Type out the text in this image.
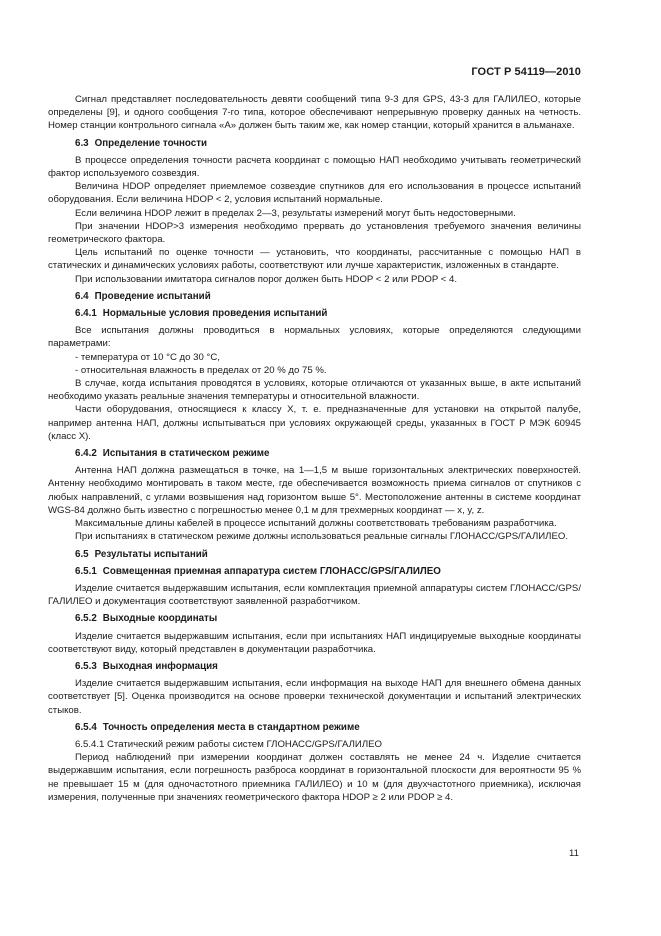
ГОСТ Р 54119—2010

Сигнал представляет последовательность девяти сообщений типа 9-3 для GPS, 43-3 для ГАЛИЛЕО, которые определены [9], и одного сообщения 7-го типа, которое обеспечивают непрерывную проверку данных на четность. Номер станции контрольного сигнала «А» должен быть таким же, как номер станции, который хранится в альманахе.

6.3 Определение точности

В процессе определения точности расчета координат с помощью НАП необходимо учитывать геометрический фактор используемого созвездия.

Величина HDOP определяет приемлемое созвездие спутников для его использования в процессе испытаний оборудования. Если величина HDOP < 2, условия испытаний нормальные.

Если величина HDOP лежит в пределах 2—3, результаты измерений могут быть недостоверными.

При значении HDOP>3 измерения необходимо прервать до установления требуемого значения величины геометрического фактора.

Цель испытаний по оценке точности — установить, что координаты, рассчитанные с помощью НАП в статических и динамических условиях работы, соответствуют или лучше характеристик, изложенных в стандарте.

При использовании имитатора сигналов порог должен быть HDOP < 2 или PDOP < 4.

6.4 Проведение испытаний
6.4.1 Нормальные условия проведения испытаний

Все испытания должны проводиться в нормальных условиях, которые определяются следующими параметрами:

- температура от 10 °С до 30 °С,

- относительная влажность в пределах от 20 % до 75 %.

В случае, когда испытания проводятся в условиях, которые отличаются от указанных выше, в акте испытаний необходимо указать реальные значения температуры и относительной влажности.

Части оборудования, относящиеся к классу X, т. е. предназначенные для установки на открытой палубе, например антенна НАП, должны испытываться при условиях окружающей среды, указанных в ГОСТ Р МЭК 60945 (класс X).

6.4.2 Испытания в статическом режиме

Антенна НАП должна размещаться в точке, на 1—1,5 м выше горизонтальных электрических поверхностей. Антенну необходимо монтировать в таком месте, где обеспечивается возможность приема сигналов от спутников с любых направлений, с углами возвышения над горизонтом выше 5°. Местоположение антенны в системе координат WGS-84 должно быть известно с погрешностью менее 0,1 м для трехмерных координат — x, y, z.

Максимальные длины кабелей в процессе испытаний должны соответствовать требованиям разработчика.

При испытаниях в статическом режиме должны использоваться реальные сигналы ГЛОНАСС/GPS/ГАЛИЛЕО.

6.5 Результаты испытаний
6.5.1 Совмещенная приемная аппаратура систем ГЛОНАСС/GPS/ГАЛИЛЕО

Изделие считается выдержавшим испытания, если комплектация приемной аппаратуры систем ГЛОНАСС/GPS/ГАЛИЛЕО и документация соответствуют заявленной разработчиком.

6.5.2 Выходные координаты

Изделие считается выдержавшим испытания, если при испытаниях НАП индицируемые выходные координаты соответствуют виду, который представлен в документации разработчика.

6.5.3 Выходная информация

Изделие считается выдержавшим испытания, если информация на выходе НАП для внешнего обмена данных соответствует [5]. Оценка производится на основе проверки технической документации и испытаний электрических стыков.

6.5.4 Точность определения места в стандартном режиме

6.5.4.1 Статический режим работы систем ГЛОНАСС/GPS/ГАЛИЛЕО

Период наблюдений при измерении координат должен составлять не менее 24 ч. Изделие считается выдержавшим испытания, если погрешность разброса координат в горизонтальной плоскости для вероятности 95 % не превышает 15 м (для одночастотного приемника ГАЛИЛЕО) и 10 м (для двухчастотного приемника), исключая измерения, полученные при значениях геометрического фактора HDOP ≥ 2 или PDOP ≥ 4.

11
